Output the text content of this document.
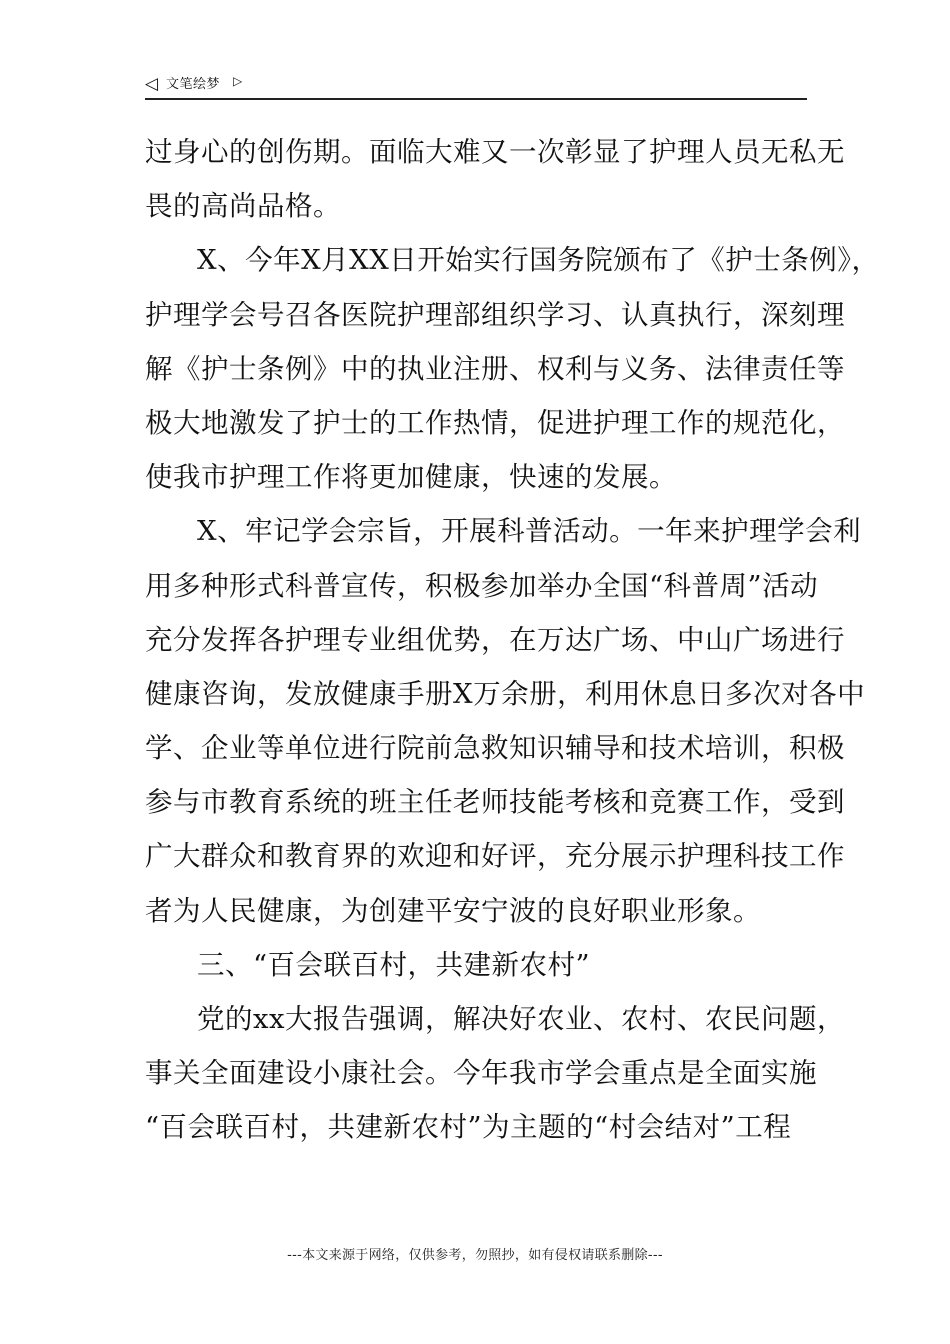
◁ 文笔绘梦 ▷
过身心的创伤期。面临大难又一次彰显了护理人员无私无
畏的高尚品格。
X、今年X月XX日开始实行国务院颁布了《护士条例》，
护理学会号召各医院护理部组织学习、认真执行，深刻理
解《护士条例》中的执业注册、权利与义务、法律责任等
极大地激发了护士的工作热情，促进护理工作的规范化，
使我市护理工作将更加健康，快速的发展。
X、牢记学会宗旨，开展科普活动。一年来护理学会利
用多种形式科普宣传，积极参加举办全国“科普周”活动
充分发挥各护理专业组优势，在万达广场、中山广场进行
健康咨询，发放健康手册X万余册，利用休息日多次对各中
学、企业等单位进行院前急救知识辅导和技术培训，积极
参与市教育系统的班主任老师技能考核和竞赛工作，受到
广大群众和教育界的欢迎和好评，充分展示护理科技工作
者为人民健康，为创建平安宁波的良好职业形象。
三、“百会联百村，共建新农村”
党的xx大报告强调，解决好农业、农村、农民问题，
事关全面建设小康社会。今年我市学会重点是全面实施
“百会联百村，共建新农村”为主题的“村会结对”工程
---本文来源于网络，仅供参考，勿照抄，如有侵权请联系删除---
